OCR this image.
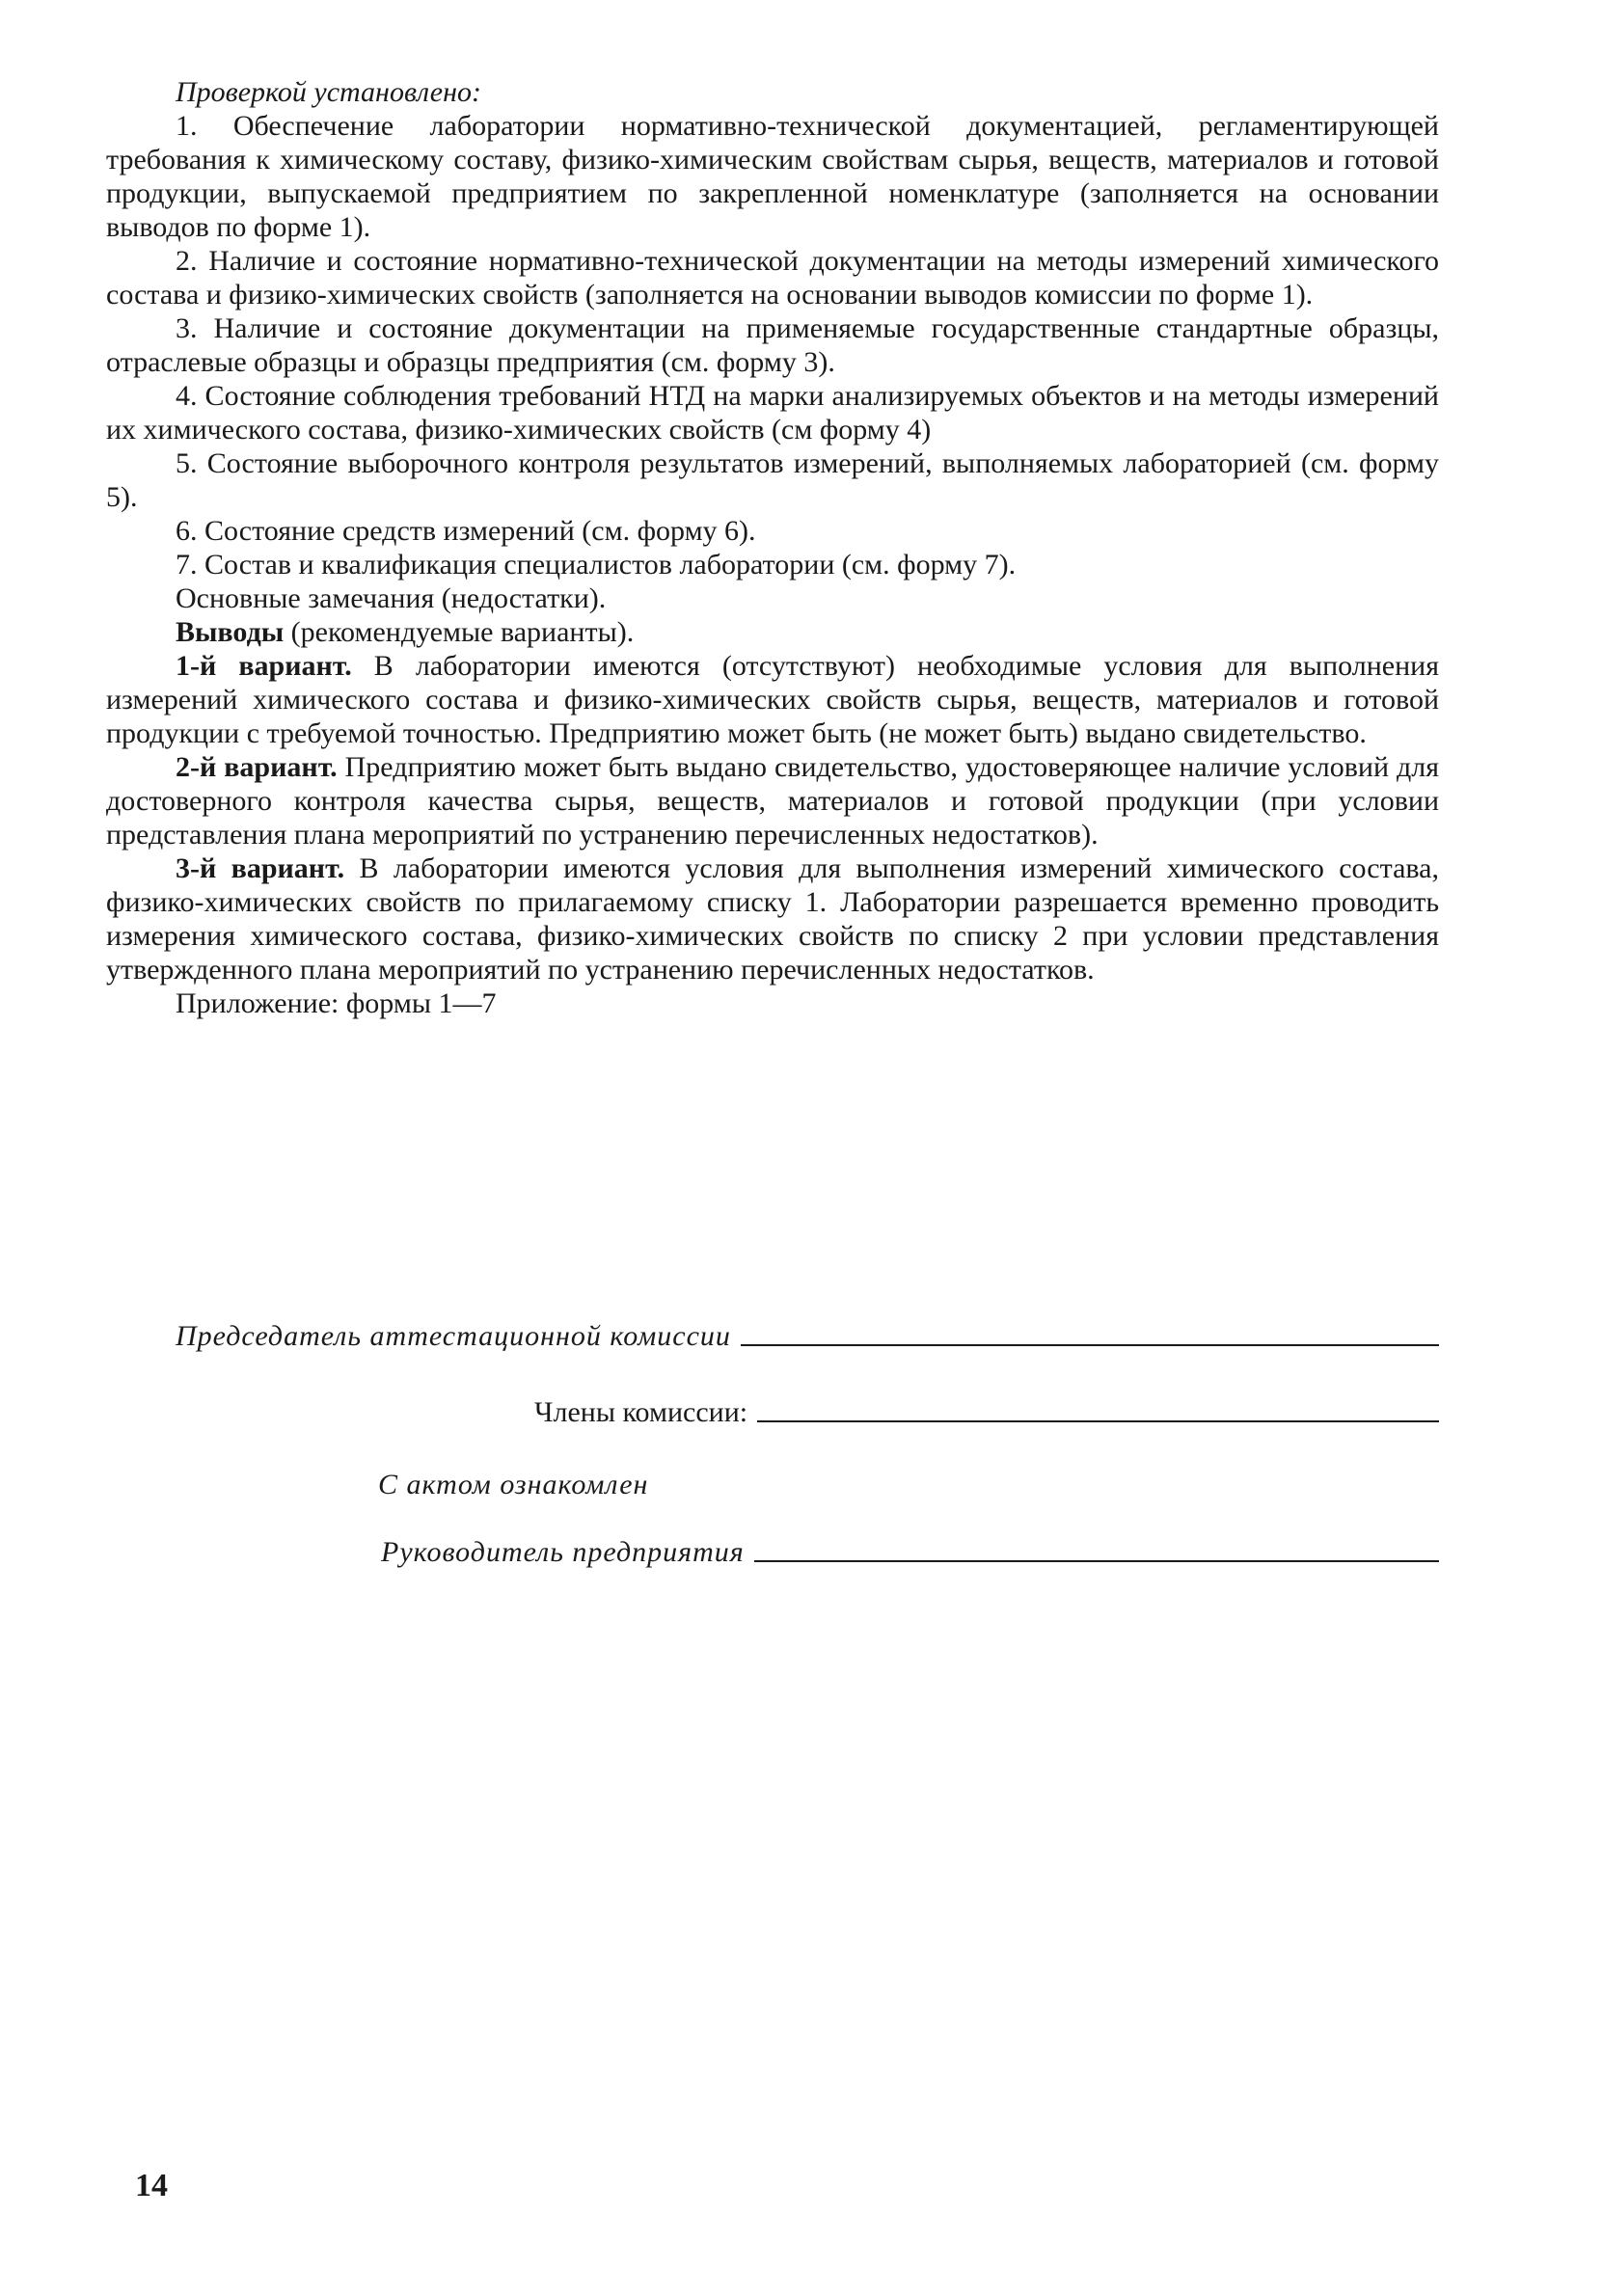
Проверкой установлено:

1. Обеспечение лаборатории нормативно-технической документацией, регламентирующей требования к химическому составу, физико-химическим свойствам сырья, веществ, материалов и готовой продукции, выпускаемой предприятием по закрепленной номенклатуре (заполняется на основании выводов по форме 1).

2. Наличие и состояние нормативно-технической документации на методы измерений химического состава и физико-химических свойств (заполняется на основании выводов комиссии по форме 1).

3. Наличие и состояние документации на применяемые государственные стандартные образцы, отраслевые образцы и образцы предприятия (см. форму 3).

4. Состояние соблюдения требований НТД на марки анализируемых объектов и на методы измерений их химического состава, физико-химических свойств (см форму 4)

5. Состояние выборочного контроля результатов измерений, выполняемых лабораторией (см. форму 5).

6. Состояние средств измерений (см. форму 6).

7. Состав и квалификация специалистов лаборатории (см. форму 7).

Основные замечания (недостатки).

Выводы (рекомендуемые варианты).

1-й вариант. В лаборатории имеются (отсутствуют) необходимые условия для выполнения измерений химического состава и физико-химических свойств сырья, веществ, материалов и готовой продукции с требуемой точностью. Предприятию может быть (не может быть) выдано свидетельство.

2-й вариант. Предприятию может быть выдано свидетельство, удостоверяющее наличие условий для достоверного контроля качества сырья, веществ, материалов и готовой продукции (при условии представления плана мероприятий по устранению перечисленных недостатков).

3-й вариант. В лаборатории имеются условия для выполнения измерений химического состава, физико-химических свойств по прилагаемому списку 1. Лаборатории разрешается временно проводить измерения химического состава, физико-химических свойств по списку 2 при условии представления утвержденного плана мероприятий по устранению перечисленных недостатков.

Приложение: формы 1—7

Председатель аттестационной комиссии
Члены комиссии:
С актом ознакомлен
Руководитель предприятия
14
